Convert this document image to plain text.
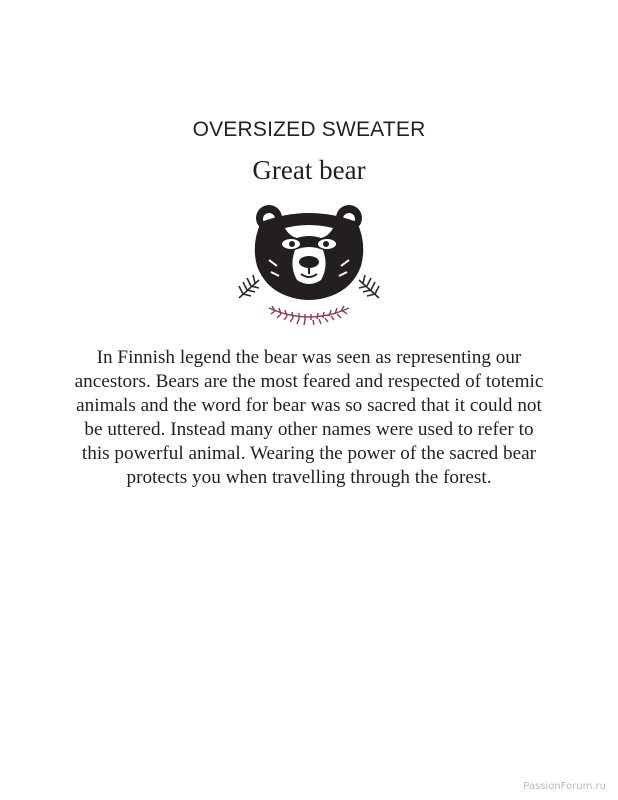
OVERSIZED SWEATER
Great bear

In Finnish legend the bear was seen as representing our ancestors. Bears are the most feared and respected of totemic animals and the word for bear was so sacred that it could not be uttered. Instead many other names were used to refer to this powerful animal. Wearing the power of the sacred bear protects you when travelling through the forest.

PassionForum.ru
